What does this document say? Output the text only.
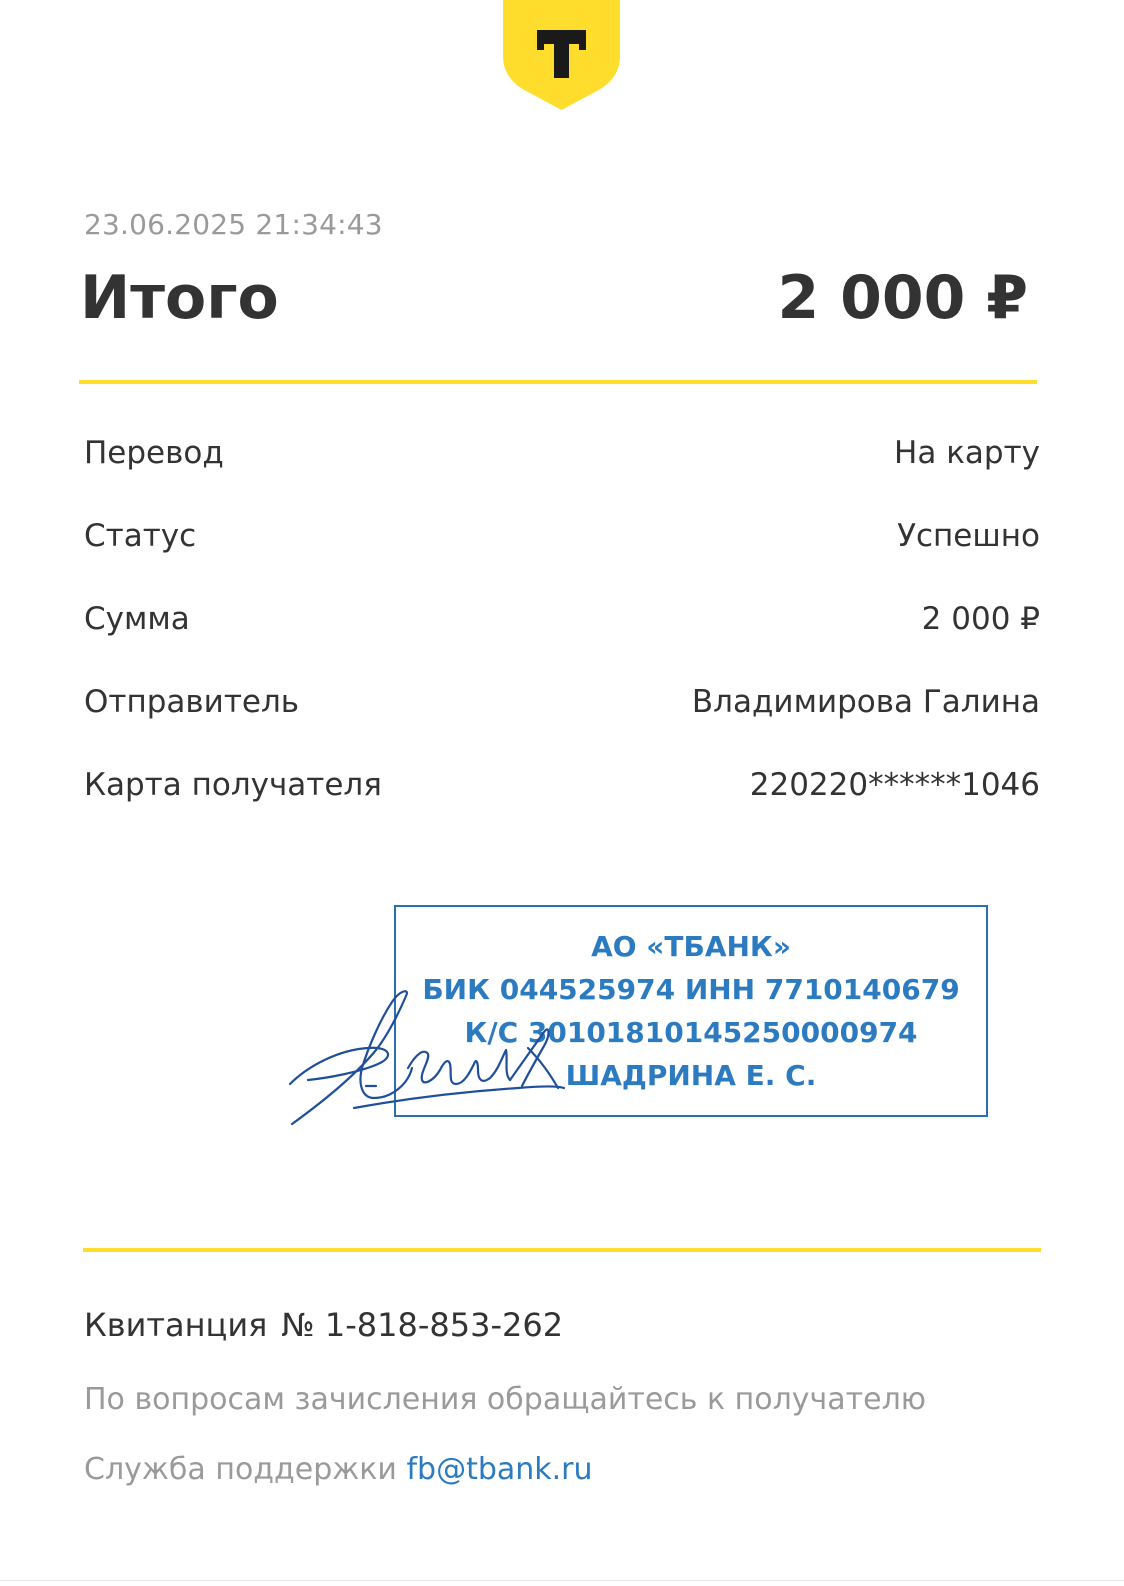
23.06.2025 21:34:43
Итого	2 000 ₽
Перевод	На карту
Статус	Успешно
Сумма	2 000 ₽
Отправитель	Владимирова Галина
Карта получателя	220220******1046
АО «ТБАНК»
БИК 044525974 ИНН 7710140679
К/С 30101810145250000974
ШАДРИНА Е. С.
Квитанция № 1-818-853-262
По вопросам зачисления обращайтесь к получателю
Служба поддержки fb@tbank.ru
